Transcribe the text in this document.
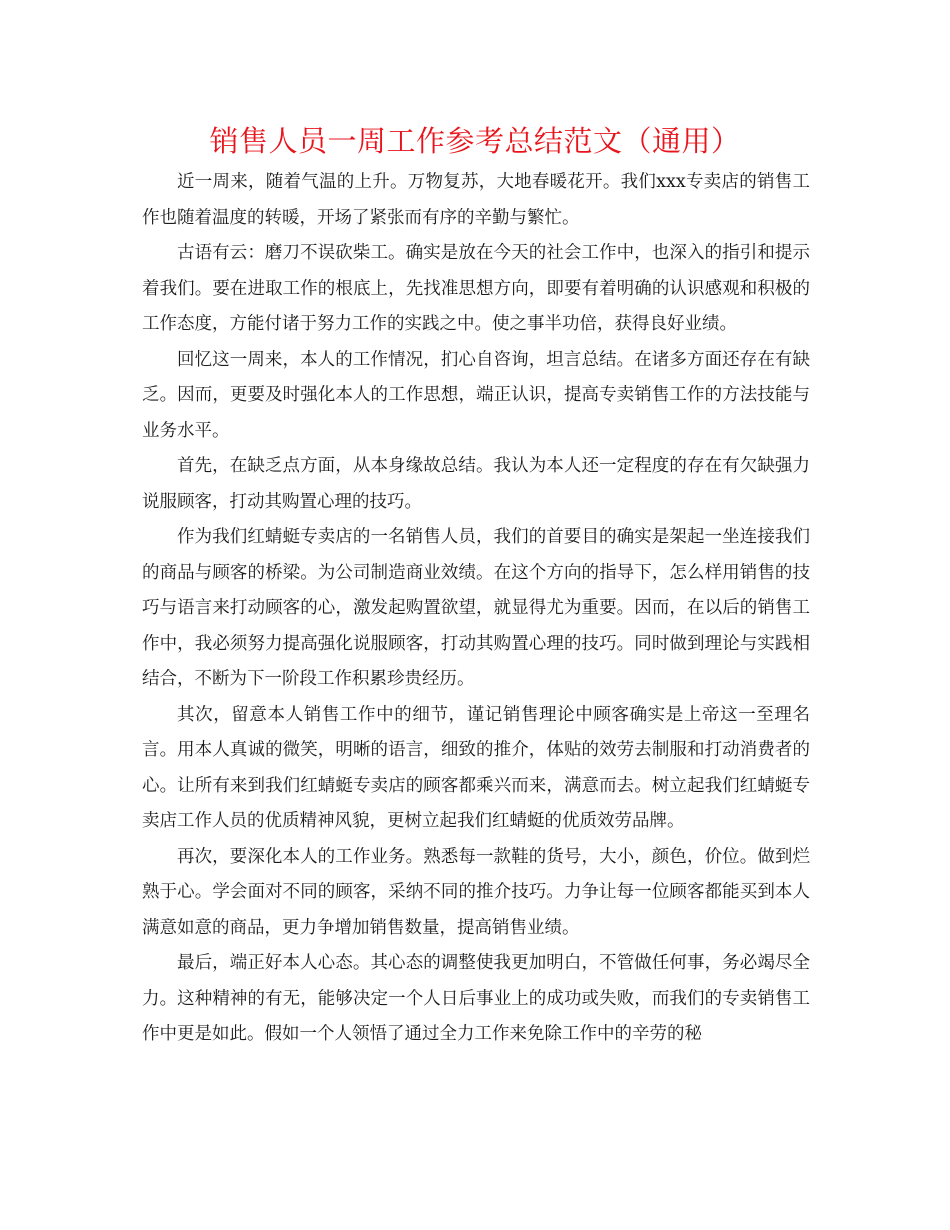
销售人员一周工作参考总结范文（通用）

近一周来，随着气温的上升。万物复苏，大地春暖花开。我们xxx专卖店的销售工作也随着温度的转暖，开场了紧张而有序的辛勤与繁忙。

古语有云：磨刀不误砍柴工。确实是放在今天的社会工作中，也深入的指引和提示着我们。要在进取工作的根底上，先找准思想方向，即要有着明确的认识感观和积极的工作态度，方能付诸于努力工作的实践之中。使之事半功倍，获得良好业绩。

回忆这一周来，本人的工作情况，扪心自咨询，坦言总结。在诸多方面还存在有缺乏。因而，更要及时强化本人的工作思想，端正认识，提高专卖销售工作的方法技能与业务水平。

首先，在缺乏点方面，从本身缘故总结。我认为本人还一定程度的存在有欠缺强力说服顾客，打动其购置心理的技巧。

作为我们红蜻蜓专卖店的一名销售人员，我们的首要目的确实是架起一坐连接我们的商品与顾客的桥梁。为公司制造商业效绩。在这个方向的指导下，怎么样用销售的技巧与语言来打动顾客的心，激发起购置欲望，就显得尤为重要。因而，在以后的销售工作中，我必须努力提高强化说服顾客，打动其购置心理的技巧。同时做到理论与实践相结合，不断为下一阶段工作积累珍贵经历。

其次，留意本人销售工作中的细节，谨记销售理论中顾客确实是上帝这一至理名言。用本人真诚的微笑，明晰的语言，细致的推介，体贴的效劳去制服和打动消费者的心。让所有来到我们红蜻蜓专卖店的顾客都乘兴而来，满意而去。树立起我们红蜻蜓专卖店工作人员的优质精神风貌，更树立起我们红蜻蜓的优质效劳品牌。

再次，要深化本人的工作业务。熟悉每一款鞋的货号，大小，颜色，价位。做到烂熟于心。学会面对不同的顾客，采纳不同的推介技巧。力争让每一位顾客都能买到本人满意如意的商品，更力争增加销售数量，提高销售业绩。

最后，端正好本人心态。其心态的调整使我更加明白，不管做任何事，务必竭尽全力。这种精神的有无，能够决定一个人日后事业上的成功或失败，而我们的专卖销售工作中更是如此。假如一个人领悟了通过全力工作来免除工作中的辛劳的秘
